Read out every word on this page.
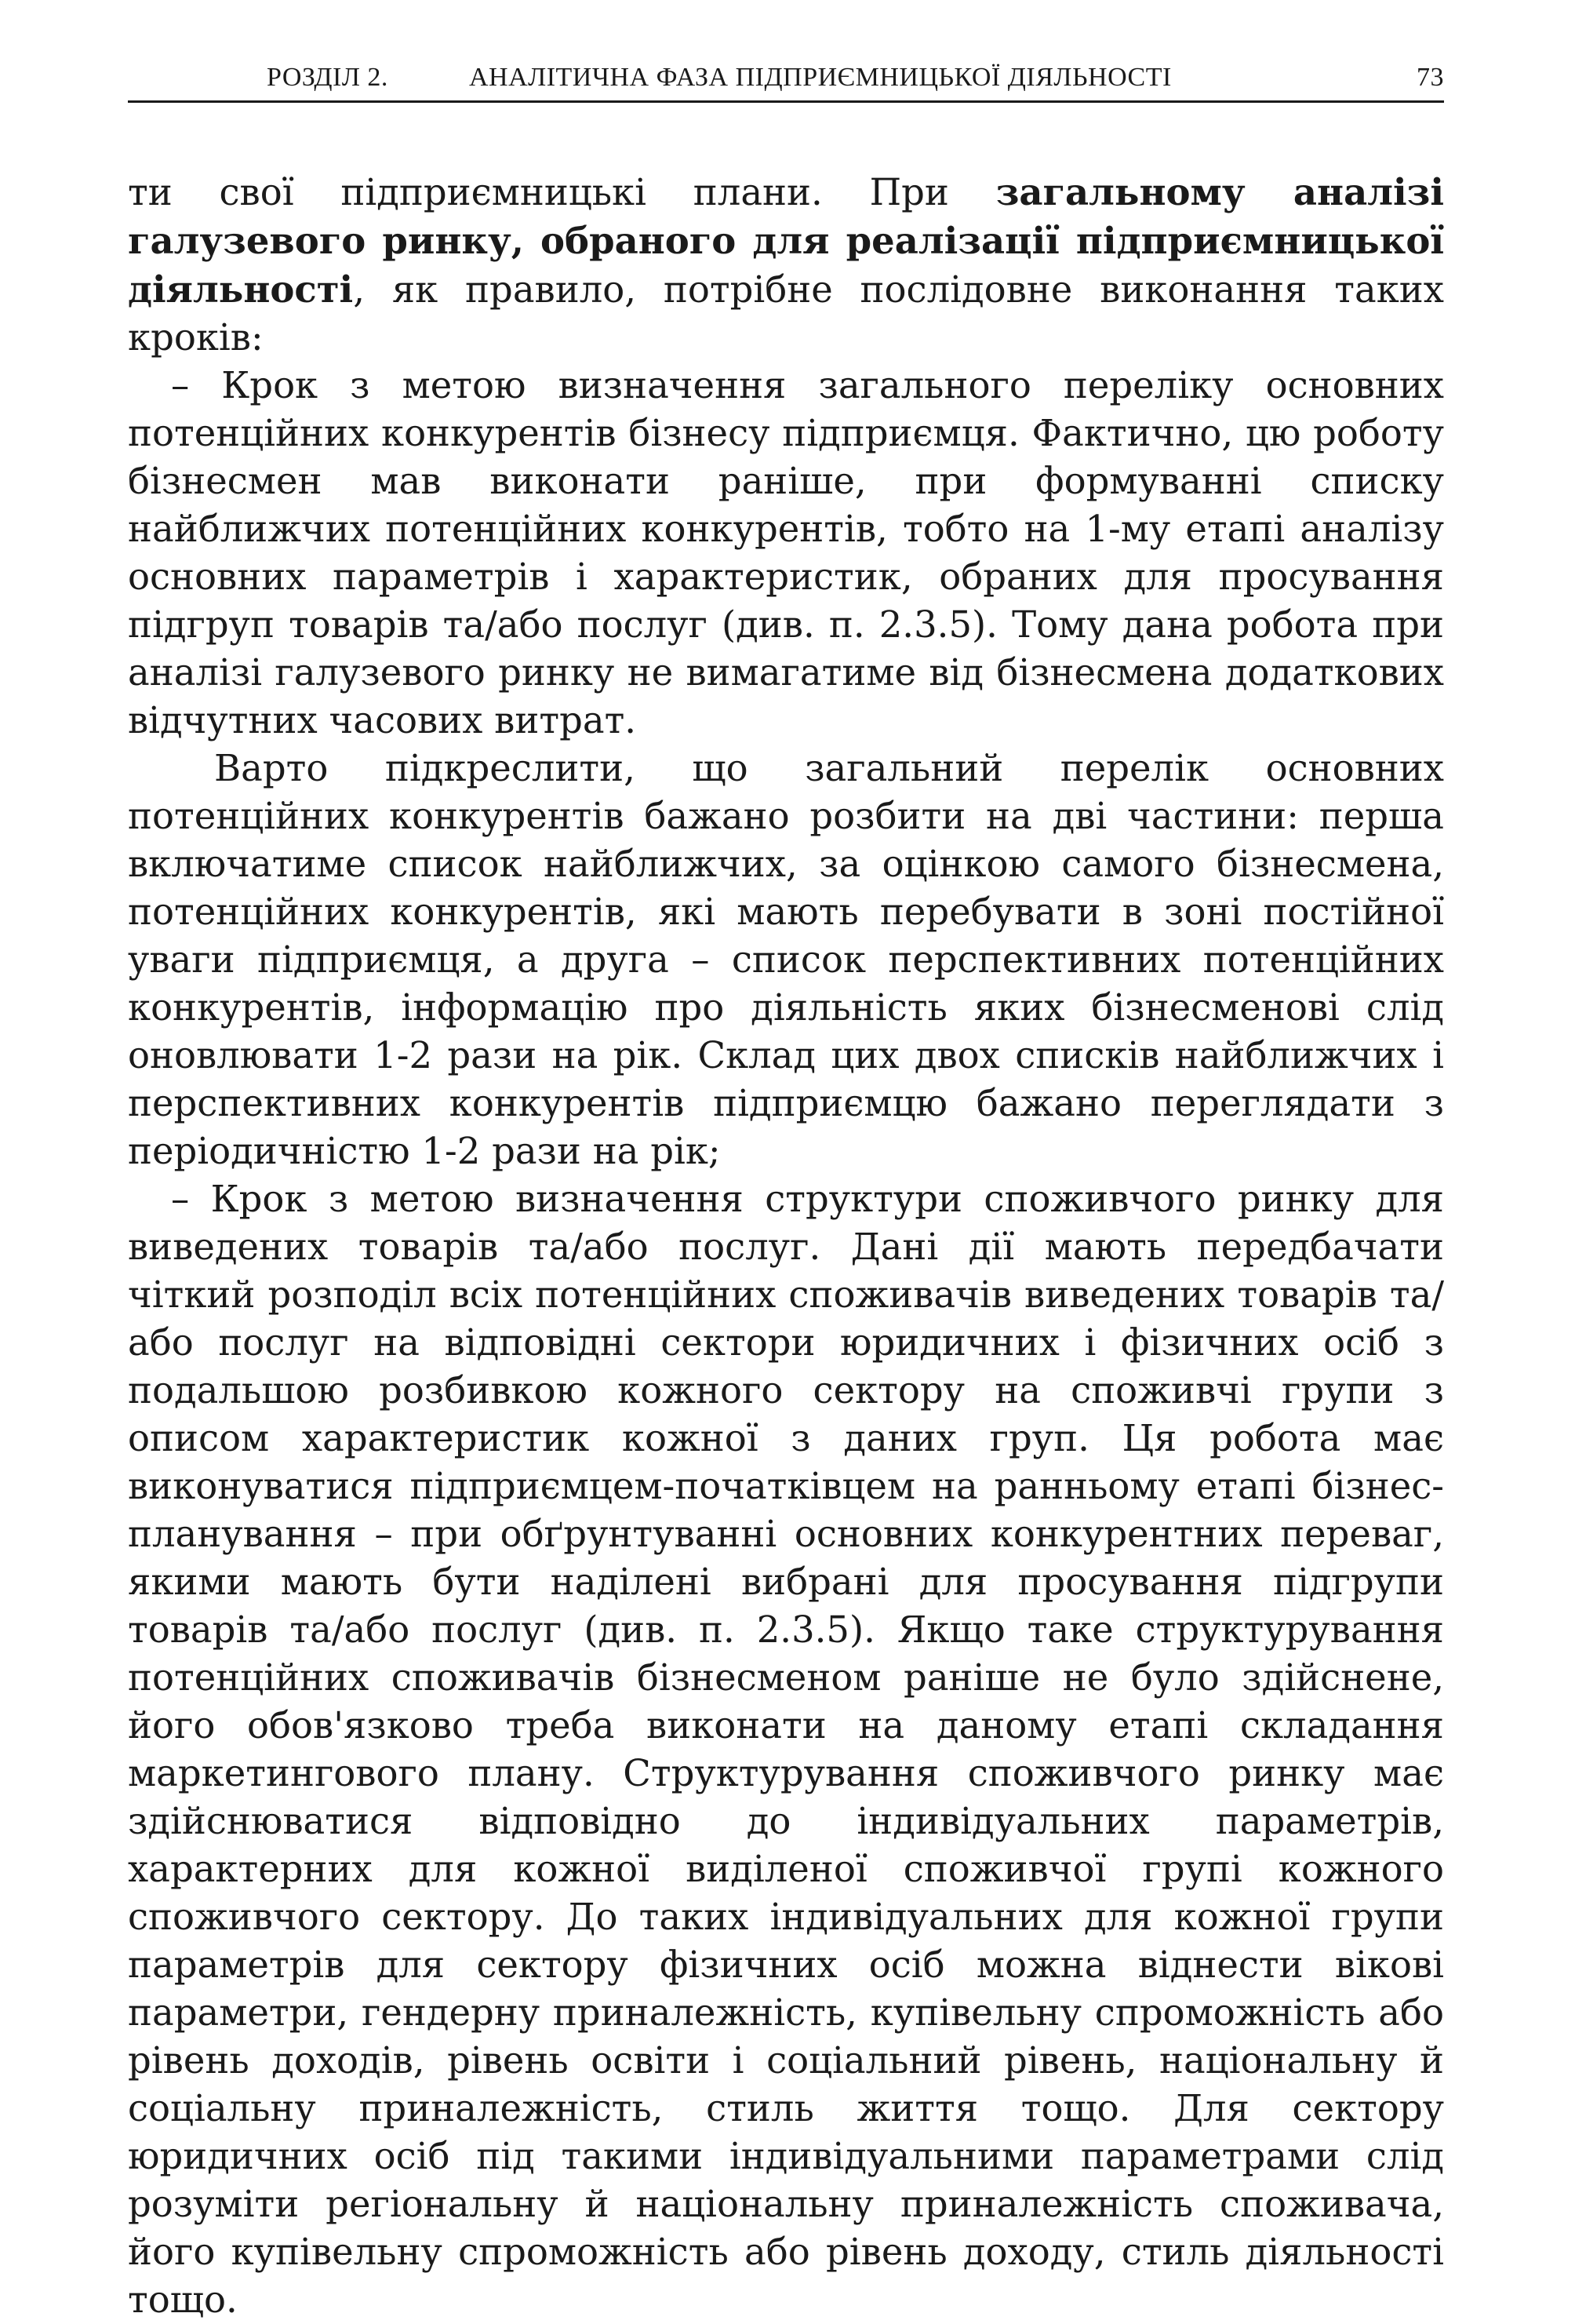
РОЗДІЛ 2.	АНАЛІТИЧНА ФАЗА ПІДПРИЄМНИЦЬКОЇ ДІЯЛЬНОСТІ	73

ти свої підприємницькі плани. При загальному аналізі галузевого ринку, обраного для реалізації підприємницької діяльності, як правило, потрібне послідовне виконання таких кроків:

– Крок з метою визначення загального переліку основних потенційних конкурентів бізнесу підприємця. Фактично, цю роботу бізнесмен мав виконати раніше, при формуванні списку найближчих потенційних конкурентів, тобто на 1-му етапі аналізу основних параметрів і характеристик, обраних для просування підгруп товарів та/або послуг (див. п. 2.3.5). Тому дана робота при аналізі галузевого ринку не вимагатиме від бізнесмена додаткових відчутних часових витрат.

Варто підкреслити, що загальний перелік основних потенційних конкурентів бажано розбити на дві частини: перша включатиме список найближчих, за оцінкою самого бізнесмена, потенційних конкурентів, які мають перебувати в зоні постійної уваги підприємця, а друга – список перспективних потенційних конкурентів, інформацію про діяльність яких бізнесменові слід оновлювати 1-2 рази на рік. Склад цих двох списків найближчих і перспективних конкурентів підприємцю бажано переглядати з періодичністю 1-2 рази на рік;

– Крок з метою визначення структури споживчого ринку для виведених товарів та/або послуг. Дані дії мають передбачати чіткий розподіл всіх потенційних споживачів виведених товарів та/або послуг на відповідні сектори юридичних і фізичних осіб з подальшою розбивкою кожного сектору на споживчі групи з описом характеристик кожної з даних груп. Ця робота має виконуватися підприємцем-початківцем на ранньому етапі бізнес-планування – при обґрунтуванні основних конкурентних переваг, якими мають бути наділені вибрані для просування підгрупи товарів та/або послуг (див. п. 2.3.5). Якщо таке структурування потенційних споживачів бізнесменом раніше не було здійснене, його обов'язково треба виконати на даному етапі складання маркетингового плану. Структурування споживчого ринку має здійснюватися відповідно до індивідуальних параметрів, характерних для кожної виділеної споживчої групі кожного споживчого сектору. До таких індивідуальних для кожної групи параметрів для сектору фізичних осіб можна віднести вікові параметри, гендерну приналежність, купівельну спроможність або рівень доходів, рівень освіти і соціальний рівень, національну й соціальну приналежність, стиль життя тощо. Для сектору юридичних осіб під такими індивідуальними параметрами слід розуміти регіональну й національну приналежність споживача, його купівельну спроможність або рівень доходу, стиль діяльності тощо.
